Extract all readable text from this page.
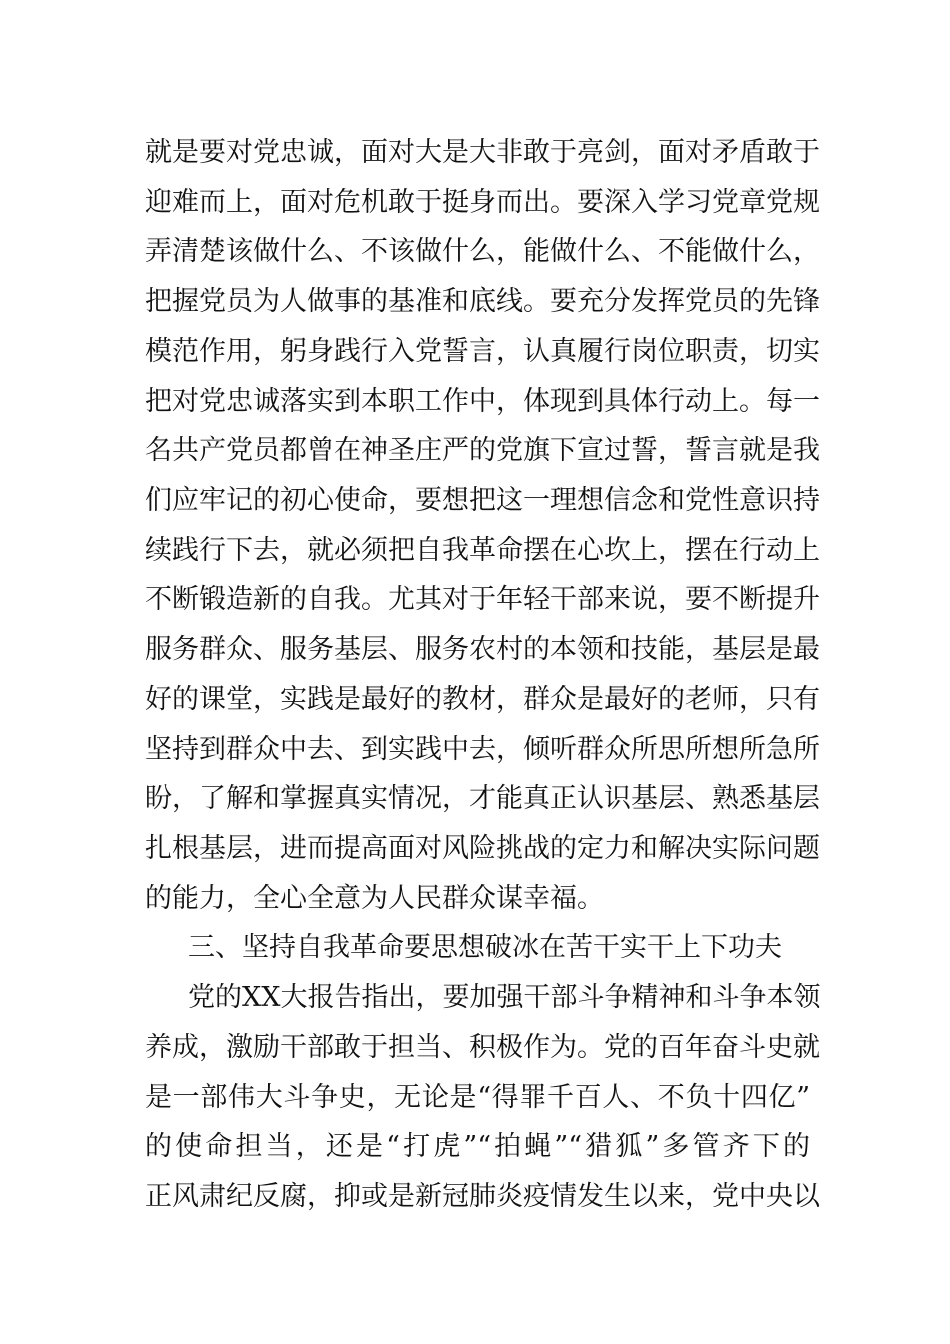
就是要对党忠诚，面对大是大非敢于亮剑，面对矛盾敢于
迎难而上，面对危机敢于挺身而出。要深入学习党章党规
弄清楚该做什么、不该做什么，能做什么、不能做什么，
把握党员为人做事的基准和底线。要充分发挥党员的先锋
模范作用，躬身践行入党誓言，认真履行岗位职责，切实
把对党忠诚落实到本职工作中，体现到具体行动上。每一
名共产党员都曾在神圣庄严的党旗下宣过誓，誓言就是我
们应牢记的初心使命，要想把这一理想信念和党性意识持
续践行下去，就必须把自我革命摆在心坎上，摆在行动上
不断锻造新的自我。尤其对于年轻干部来说，要不断提升
服务群众、服务基层、服务农村的本领和技能，基层是最
好的课堂，实践是最好的教材，群众是最好的老师，只有
坚持到群众中去、到实践中去，倾听群众所思所想所急所
盼，了解和掌握真实情况，才能真正认识基层、熟悉基层
扎根基层，进而提高面对风险挑战的定力和解决实际问题
的能力，全心全意为人民群众谋幸福。
三、坚持自我革命要思想破冰在苦干实干上下功夫
党的XX大报告指出，要加强干部斗争精神和斗争本领
养成，激励干部敢于担当、积极作为。党的百年奋斗史就
是一部伟大斗争史，无论是“得罪千百人、不负十四亿”
的使命担当，还是“打虎”“拍蝇”“猎狐”多管齐下的
正风肃纪反腐，抑或是新冠肺炎疫情发生以来，党中央以
